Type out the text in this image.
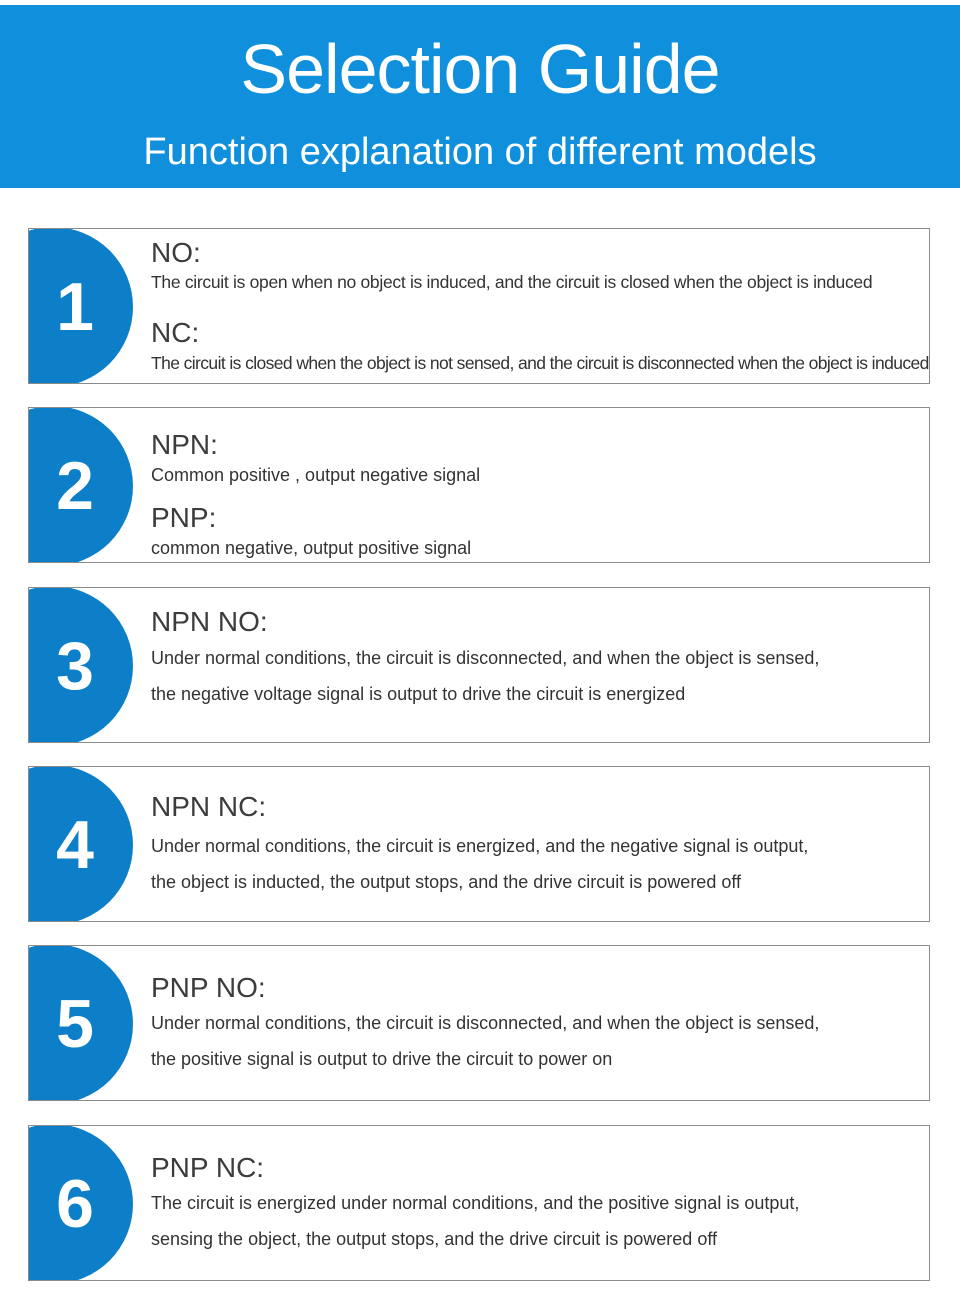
Selection Guide
Function explanation of different models
1
NO:
The circuit is open when no object is induced, and the circuit is closed when the object is induced
NC:
The circuit is closed when the object is not sensed, and the circuit is disconnected when the object is induced
2
NPN:
Common positive , output negative signal
PNP:
common negative, output positive signal
3
NPN NO:
Under normal conditions, the circuit is disconnected, and when the object is sensed,
the negative voltage signal is output to drive the circuit is energized
4
NPN NC:
Under normal conditions, the circuit is energized, and the negative signal is output,
the object is inducted, the output stops, and the drive circuit is powered off
5	PNP NO:
Under normal conditions, the circuit is disconnected, and when the object is sensed,
the positive signal is output to drive the circuit to power on
6	PNP NC:
The circuit is energized under normal conditions, and the positive signal is output,
sensing the object, the output stops, and the drive circuit is powered off
